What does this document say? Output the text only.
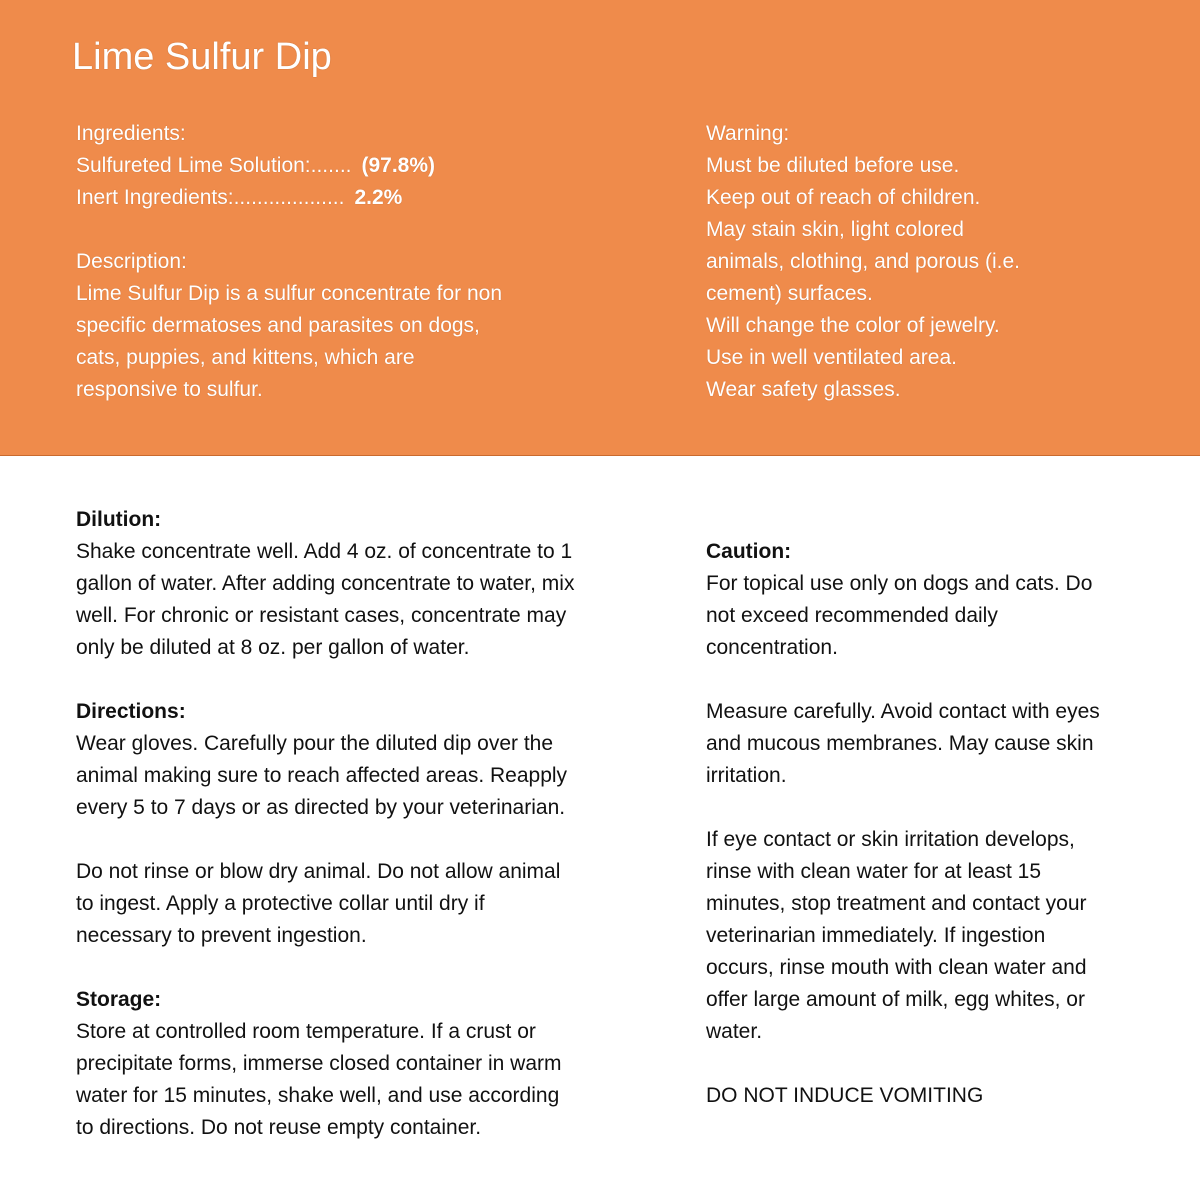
Lime Sulfur Dip
Ingredients:
Sulfureted Lime Solution:....... (97.8%)
Inert Ingredients:................... 2.2%
Description:
Lime Sulfur Dip is a sulfur concentrate for non
specific dermatoses and parasites on dogs,
cats, puppies, and kittens, which are
responsive to sulfur.
Warning:
Must be diluted before use.
Keep out of reach of children.
May stain skin, light colored
animals, clothing, and porous (i.e.
cement) surfaces.
Will change the color of jewelry.
Use in well ventilated area.
Wear safety glasses.
Dilution:
Shake concentrate well. Add 4 oz. of concentrate to 1
gallon of water. After adding concentrate to water, mix
well. For chronic or resistant cases, concentrate may
only be diluted at 8 oz. per gallon of water.
Directions:
Wear gloves. Carefully pour the diluted dip over the
animal making sure to reach affected areas. Reapply
every 5 to 7 days or as directed by your veterinarian.
Do not rinse or blow dry animal. Do not allow animal
to ingest. Apply a protective collar until dry if
necessary to prevent ingestion.
Storage:
Store at controlled room temperature. If a crust or
precipitate forms, immerse closed container in warm
water for 15 minutes, shake well, and use according
to directions. Do not reuse empty container.
Caution:
For topical use only on dogs and cats. Do
not exceed recommended daily
concentration.
Measure carefully. Avoid contact with eyes
and mucous membranes. May cause skin
irritation.
If eye contact or skin irritation develops,
rinse with clean water for at least 15
minutes, stop treatment and contact your
veterinarian immediately. If ingestion
occurs, rinse mouth with clean water and
offer large amount of milk, egg whites, or
water.
DO NOT INDUCE VOMITING
